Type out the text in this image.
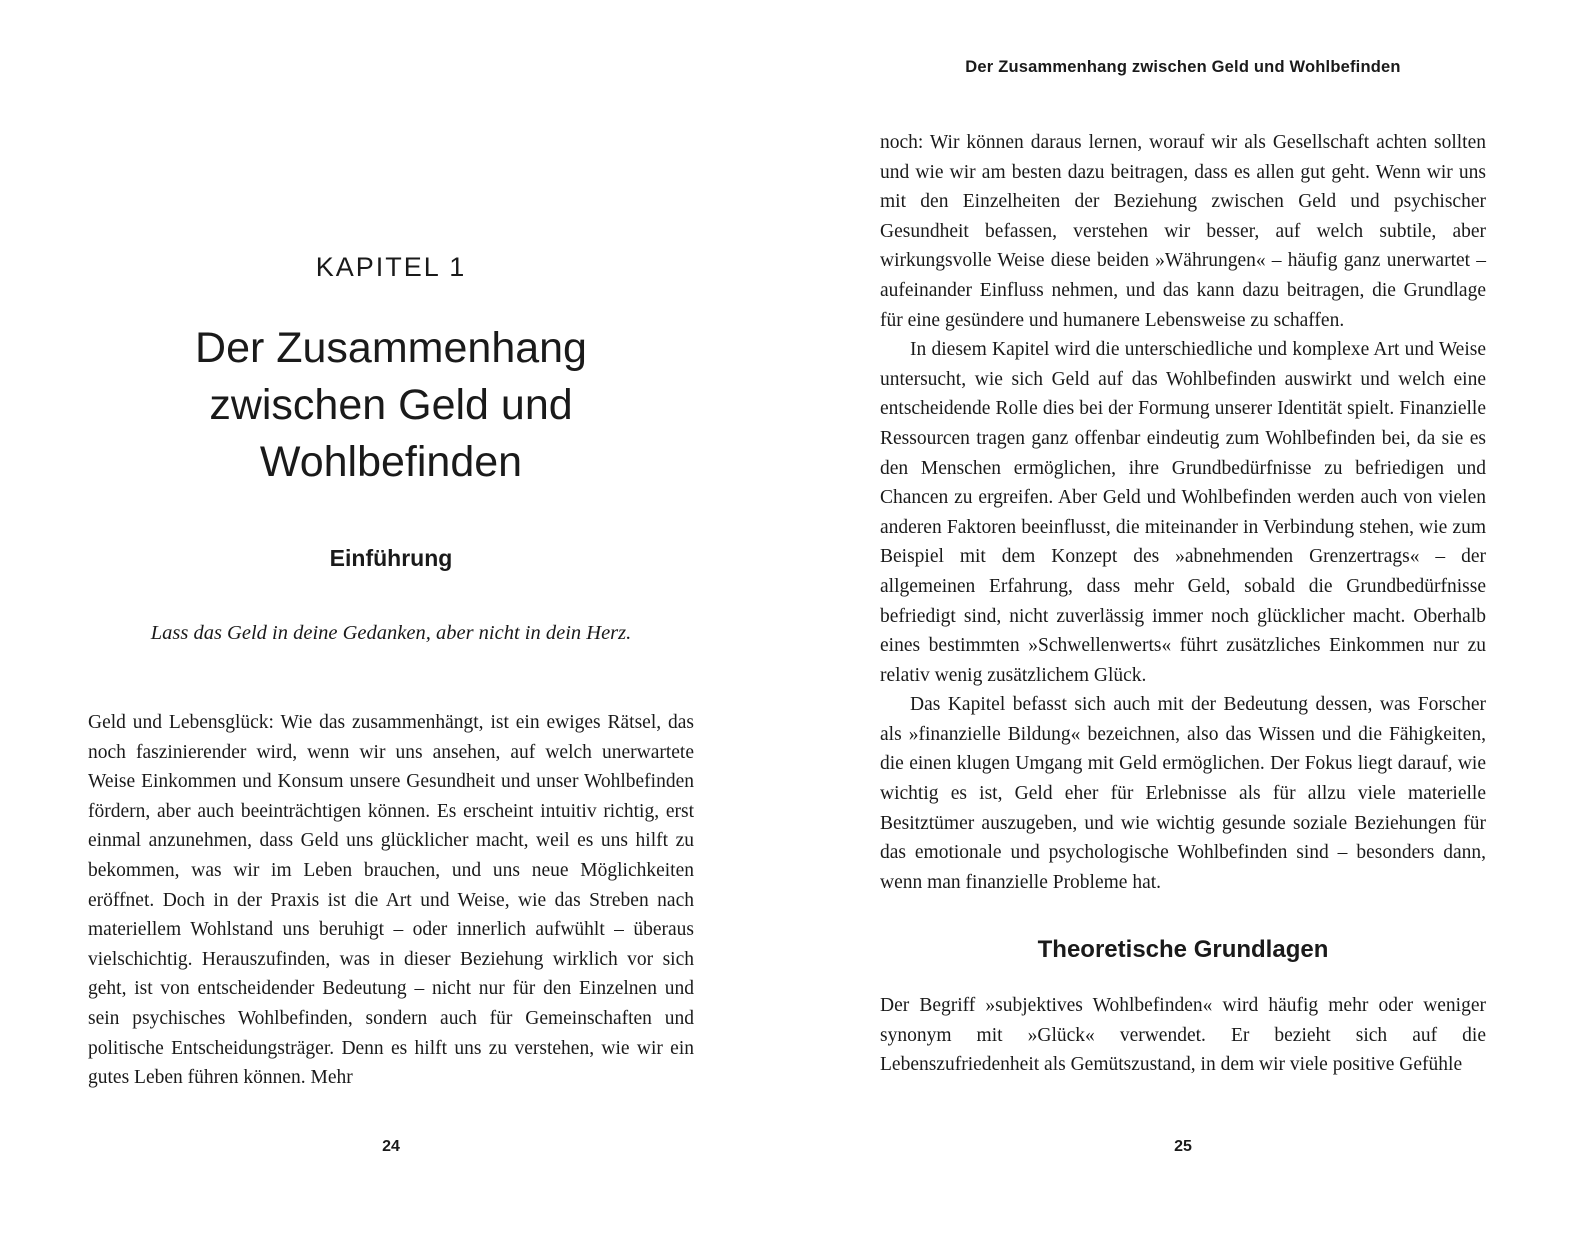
KAPITEL 1
Der Zusammenhang
zwischen Geld und
Wohlbefinden
Einführung
Lass das Geld in deine Gedanken, aber nicht in dein Herz.

Geld und Lebensglück: Wie das zusammenhängt, ist ein ewiges Rätsel, das noch faszinierender wird, wenn wir uns ansehen, auf welch unerwartete Weise Einkommen und Konsum unsere Gesundheit und unser Wohlbefinden fördern, aber auch beeinträchtigen können. Es erscheint intuitiv richtig, erst einmal anzunehmen, dass Geld uns glücklicher macht, weil es uns hilft zu bekommen, was wir im Leben brauchen, und uns neue Möglichkeiten eröffnet. Doch in der Praxis ist die Art und Weise, wie das Streben nach materiellem Wohlstand uns beruhigt – oder innerlich aufwühlt – überaus vielschichtig. Herauszufinden, was in dieser Beziehung wirklich vor sich geht, ist von entscheidender Bedeutung – nicht nur für den Einzelnen und sein psychisches Wohlbefinden, sondern auch für Gemeinschaften und politische Entscheidungsträger. Denn es hilft uns zu verstehen, wie wir ein gutes Leben führen können. Mehr

24
Der Zusammenhang zwischen Geld und Wohlbefinden

noch: Wir können daraus lernen, worauf wir als Gesellschaft achten sollten und wie wir am besten dazu beitragen, dass es allen gut geht. Wenn wir uns mit den Einzelheiten der Beziehung zwischen Geld und psychischer Gesundheit befassen, verstehen wir besser, auf welch subtile, aber wirkungsvolle Weise diese beiden »Währungen« – häufig ganz unerwartet – aufeinander Einfluss nehmen, und das kann dazu beitragen, die Grundlage für eine gesündere und humanere Lebensweise zu schaffen.

In diesem Kapitel wird die unterschiedliche und komplexe Art und Weise untersucht, wie sich Geld auf das Wohlbefinden auswirkt und welch eine entscheidende Rolle dies bei der Formung unserer Identität spielt. Finanzielle Ressourcen tragen ganz offenbar eindeutig zum Wohlbefinden bei, da sie es den Menschen ermöglichen, ihre Grundbedürfnisse zu befriedigen und Chancen zu ergreifen. Aber Geld und Wohlbefinden werden auch von vielen anderen Faktoren beeinflusst, die miteinander in Verbindung stehen, wie zum Beispiel mit dem Konzept des »abnehmenden Grenzertrags« – der allgemeinen Erfahrung, dass mehr Geld, sobald die Grundbedürfnisse befriedigt sind, nicht zuverlässig immer noch glücklicher macht. Oberhalb eines bestimmten »Schwellenwerts« führt zusätzliches Einkommen nur zu relativ wenig zusätzlichem Glück.

Das Kapitel befasst sich auch mit der Bedeutung dessen, was Forscher als »finanzielle Bildung« bezeichnen, also das Wissen und die Fähigkeiten, die einen klugen Umgang mit Geld ermöglichen. Der Fokus liegt darauf, wie wichtig es ist, Geld eher für Erlebnisse als für allzu viele materielle Besitztümer auszugeben, und wie wichtig gesunde soziale Beziehungen für das emotionale und psychologische Wohlbefinden sind – besonders dann, wenn man finanzielle Probleme hat.

Theoretische Grundlagen

Der Begriff »subjektives Wohlbefinden« wird häufig mehr oder weniger synonym mit »Glück« verwendet. Er bezieht sich auf die Lebenszufriedenheit als Gemütszustand, in dem wir viele positive Gefühle

25
